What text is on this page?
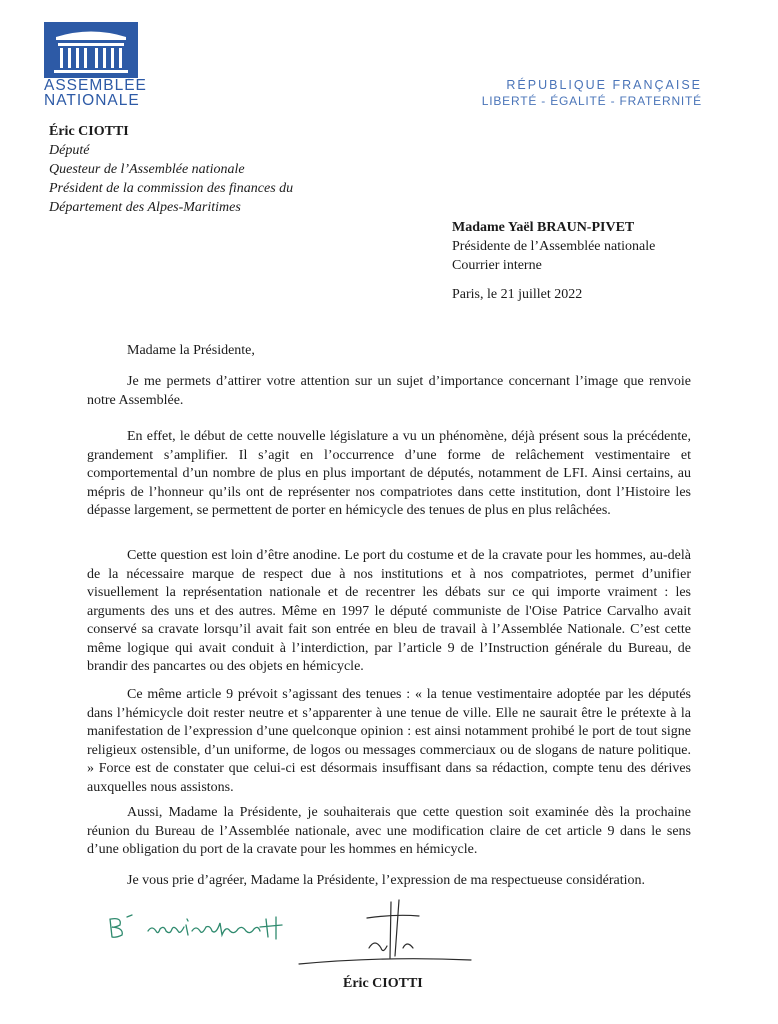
ASSEMBLÉE
NATIONALE
RÉPUBLIQUE FRANÇAISE
LIBERTÉ - ÉGALITÉ - FRATERNITÉ
Éric CIOTTI
Député
Questeur de l’Assemblée nationale
Président de la commission des finances du
Département des Alpes-Maritimes
Madame Yaël BRAUN-PIVET
Présidente de l’Assemblée nationale
Courrier interne
Paris, le 21 juillet 2022
Madame la Présidente,

Je me permets d’attirer votre attention sur un sujet d’importance concernant l’image que renvoie notre Assemblée.

En effet, le début de cette nouvelle législature a vu un phénomène, déjà présent sous la précédente, grandement s’amplifier. Il s’agit en l’occurrence d’une forme de relâchement vestimentaire et comportemental d’un nombre de plus en plus important de députés, notamment de LFI. Ainsi certains, au mépris de l’honneur qu’ils ont de représenter nos compatriotes dans cette institution, dont l’Histoire les dépasse largement, se permettent de porter en hémicycle des tenues de plus en plus relâchées.

Cette question est loin d’être anodine. Le port du costume et de la cravate pour les hommes, au-delà de la nécessaire marque de respect due à nos institutions et à nos compatriotes, permet d’unifier visuellement la représentation nationale et de recentrer les débats sur ce qui importe vraiment : les arguments des uns et des autres. Même en 1997 le député communiste de l'Oise Patrice Carvalho avait conservé sa cravate lorsqu’il avait fait son entrée en bleu de travail à l’Assemblée Nationale. C’est cette même logique qui avait conduit à l’interdiction, par l’article 9 de l’Instruction générale du Bureau, de brandir des pancartes ou des objets en hémicycle.

Ce même article 9 prévoit s’agissant des tenues : « la tenue vestimentaire adoptée par les députés dans l’hémicycle doit rester neutre et s’apparenter à une tenue de ville. Elle ne saurait être le prétexte à la manifestation de l’expression d’une quelconque opinion : est ainsi notamment prohibé le port de tout signe religieux ostensible, d’un uniforme, de logos ou messages commerciaux ou de slogans de nature politique. » Force est de constater que celui-ci est désormais insuffisant dans sa rédaction, compte tenu des dérives auxquelles nous assistons.

Aussi, Madame la Présidente, je souhaiterais que cette question soit examinée dès la prochaine réunion du Bureau de l’Assemblée nationale, avec une modification claire de cet article 9 dans le sens d’une obligation du port de la cravate pour les hommes en hémicycle.

Je vous prie d’agréer, Madame la Présidente, l’expression de ma respectueuse considération.
Éric CIOTTI
